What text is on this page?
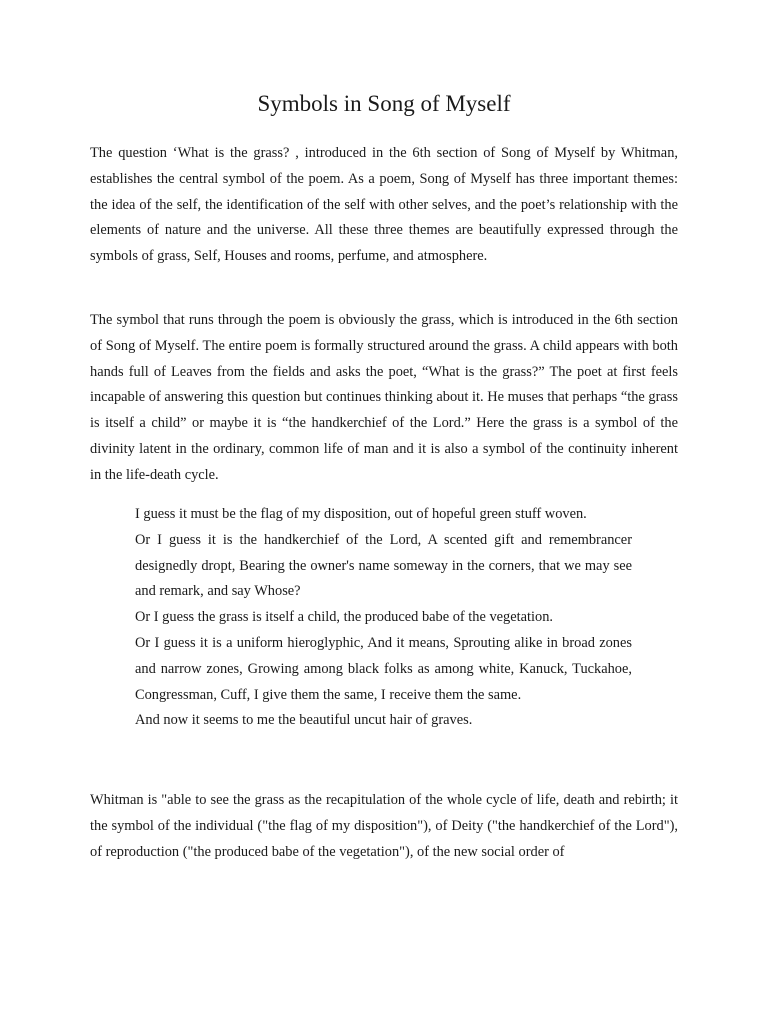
Symbols in Song of Myself

The question ‘What is the grass? , introduced in the 6th section of Song of Myself by Whitman, establishes the central symbol of the poem. As a poem, Song of Myself has three important themes: the idea of the self, the identification of the self with other selves, and the poet’s relationship with the elements of nature and the universe. All these three themes are beautifully expressed through the symbols of grass, Self, Houses and rooms, perfume, and atmosphere.

The symbol that runs through the poem is obviously the grass, which is introduced in the 6th section of Song of Myself. The entire poem is formally structured around the grass. A child appears with both hands full of Leaves from the fields and asks the poet, “What is the grass?” The poet at first feels incapable of answering this question but continues thinking about it. He muses that perhaps “the grass is itself a child” or maybe it is “the handkerchief of the Lord.” Here the grass is a symbol of the divinity latent in the ordinary, common life of man and it is also a symbol of the continuity inherent in the life-death cycle.

I guess it must be the flag of my disposition, out of hopeful green stuff woven.
Or I guess it is the handkerchief of the Lord, A scented gift and remembrancer designedly dropt, Bearing the owner's name someway in the corners, that we may see and remark, and say Whose?
Or I guess the grass is itself a child, the produced babe of the vegetation.
Or I guess it is a uniform hieroglyphic, And it means, Sprouting alike in broad zones and narrow zones, Growing among black folks as among white, Kanuck, Tuckahoe, Congressman, Cuff, I give them the same, I receive them the same.
And now it seems to me the beautiful uncut hair of graves.

Whitman is "able to see the grass as the recapitulation of the whole cycle of life, death and rebirth; it the symbol of the individual ("the flag of my disposition"), of Deity ("the handkerchief of the Lord"), of reproduction ("the produced babe of the vegetation"), of the new social order of
